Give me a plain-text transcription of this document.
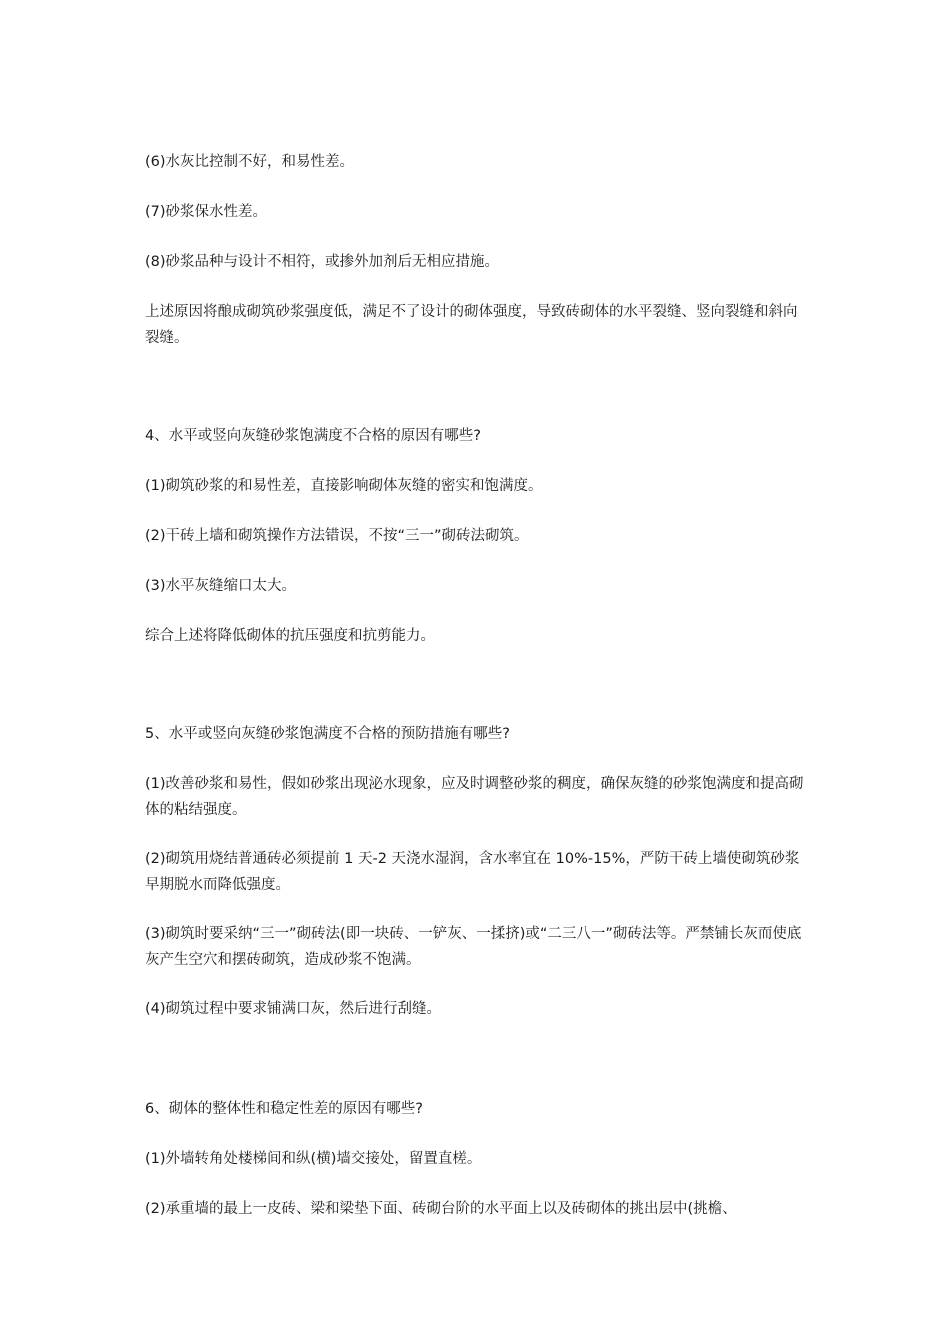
(6)水灰比控制不好，和易性差。

(7)砂浆保水性差。

(8)砂浆品种与设计不相符，或掺外加剂后无相应措施。

上述原因将酿成砌筑砂浆强度低，满足不了设计的砌体强度，导致砖砌体的水平裂缝、竖向裂缝和斜向裂缝。

4、水平或竖向灰缝砂浆饱满度不合格的原因有哪些?

(1)砌筑砂浆的和易性差，直接影响砌体灰缝的密实和饱满度。

(2)干砖上墙和砌筑操作方法错误，不按“三一”砌砖法砌筑。

(3)水平灰缝缩口太大。

综合上述将降低砌体的抗压强度和抗剪能力。

5、水平或竖向灰缝砂浆饱满度不合格的预防措施有哪些?

(1)改善砂浆和易性，假如砂浆出现泌水现象，应及时调整砂浆的稠度，确保灰缝的砂浆饱满度和提高砌体的粘结强度。

(2)砌筑用烧结普通砖必须提前 1 天-2 天浇水湿润，含水率宜在 10%-15%，严防干砖上墙使砌筑砂浆早期脱水而降低强度。

(3)砌筑时要采纳“三一”砌砖法(即一块砖、一铲灰、一揉挤)或“二三八一”砌砖法等。严禁铺长灰而使底灰产生空穴和摆砖砌筑，造成砂浆不饱满。

(4)砌筑过程中要求铺满口灰，然后进行刮缝。

6、砌体的整体性和稳定性差的原因有哪些?

(1)外墙转角处楼梯间和纵(横)墙交接处，留置直槎。

(2)承重墙的最上一皮砖、梁和梁垫下面、砖砌台阶的水平面上以及砖砌体的挑出层中(挑檐、
